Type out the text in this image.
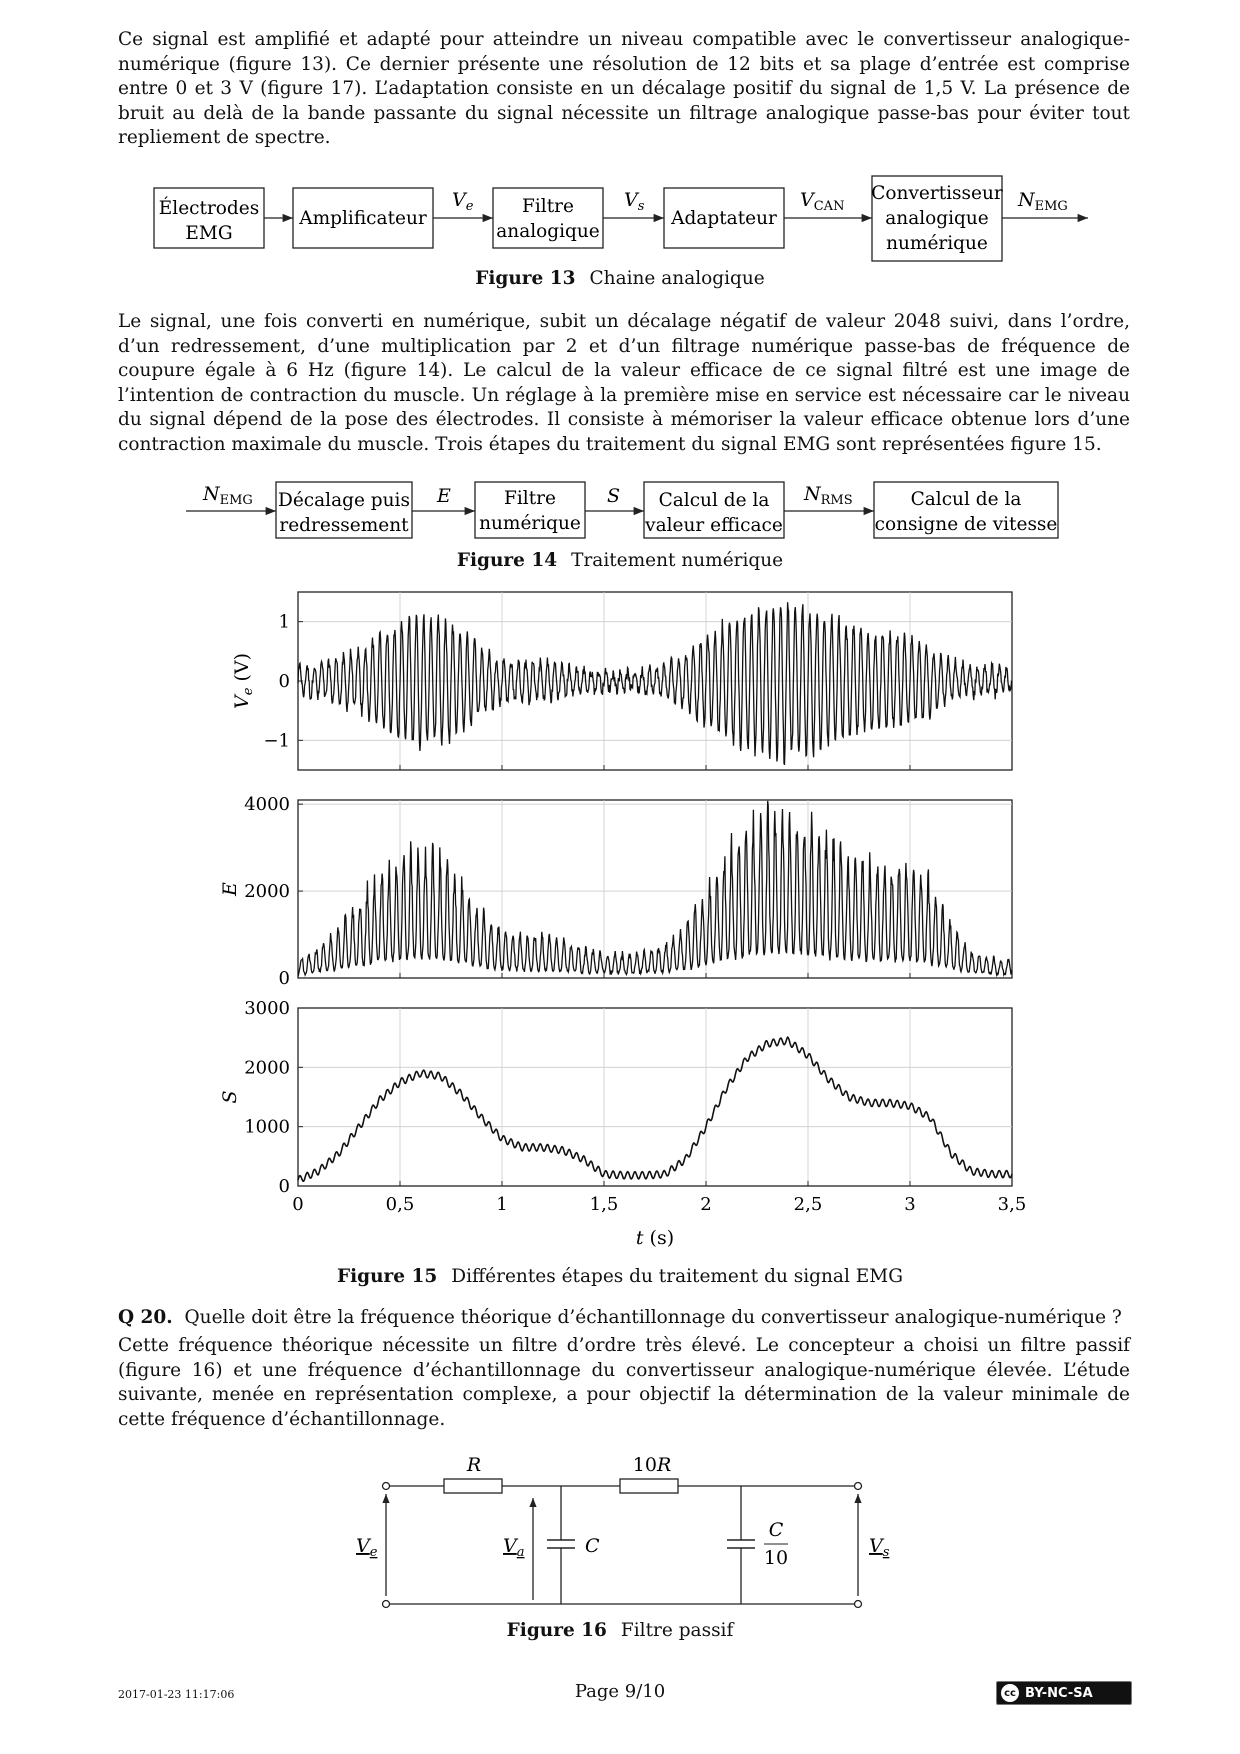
Ce signal est amplifié et adapté pour atteindre un niveau compatible avec le convertisseur analogique-numérique (figure 13). Ce dernier présente une résolution de 12 bits et sa plage d’entrée est comprise entre 0 et 3 V (figure 17). L’adaptation consiste en un décalage positif du signal de 1,5 V. La présence de bruit au delà de la bande passante du signal nécessite un filtrage analogique passe-bas pour éviter tout repliement de spectre.

Électrodes
EMG
Amplificateur
Filtre
analogique
Adaptateur
Convertisseur
analogique
numérique
$V_e$	$V_s$	$V_{CAN}$	$N_{EMG}$
Figure 13 Chaine analogique

Le signal, une fois converti en numérique, subit un décalage négatif de valeur 2048 suivi, dans l’ordre, d’un redressement, d’une multiplication par 2 et d’un filtrage numérique passe-bas de fréquence de coupure égale à 6 Hz (figure 14). Le calcul de la valeur efficace de ce signal filtré est une image de l’intention de contraction du muscle. Un réglage à la première mise en service est nécessaire car le niveau du signal dépend de la pose des électrodes. Il consiste à mémoriser la valeur efficace obtenue lors d’une contraction maximale du muscle. Trois étapes du traitement du signal EMG sont représentées figure 15.

Décalage puis
redressement
Filtre
numérique
Calcul de la
valeur efficace
Calcul de la
consigne de vitesse
$N_{EMG}$	E	S	$N_{RMS}$
Figure 14 Traitement numérique
−1
0
1
0
2000
4000
0
1000
2000
3000
0	0,5	1	1,5	2	2,5	3	3,5
$V_e(V)$
E
S
t (s)
Figure 15 Différentes étapes du traitement du signal EMG

Q 20. Quelle doit être la fréquence théorique d’échantillonnage du convertisseur analogique-numérique ?

Cette fréquence théorique nécessite un filtre d’ordre très élevé. Le concepteur a choisi un filtre passif (figure 16) et une fréquence d’échantillonnage du convertisseur analogique-numérique élevée. L’étude suivante, menée en représentation complexe, a pour objectif la détermination de la valeur minimale de cette fréquence d’échantillonnage.

R	10R
C
C
10
$V_e$	$V_a$	$V_s$
Figure 16 Filtre passif
2017-01-23 11:17:06	Page 9/10	cc BY-NC-SA
